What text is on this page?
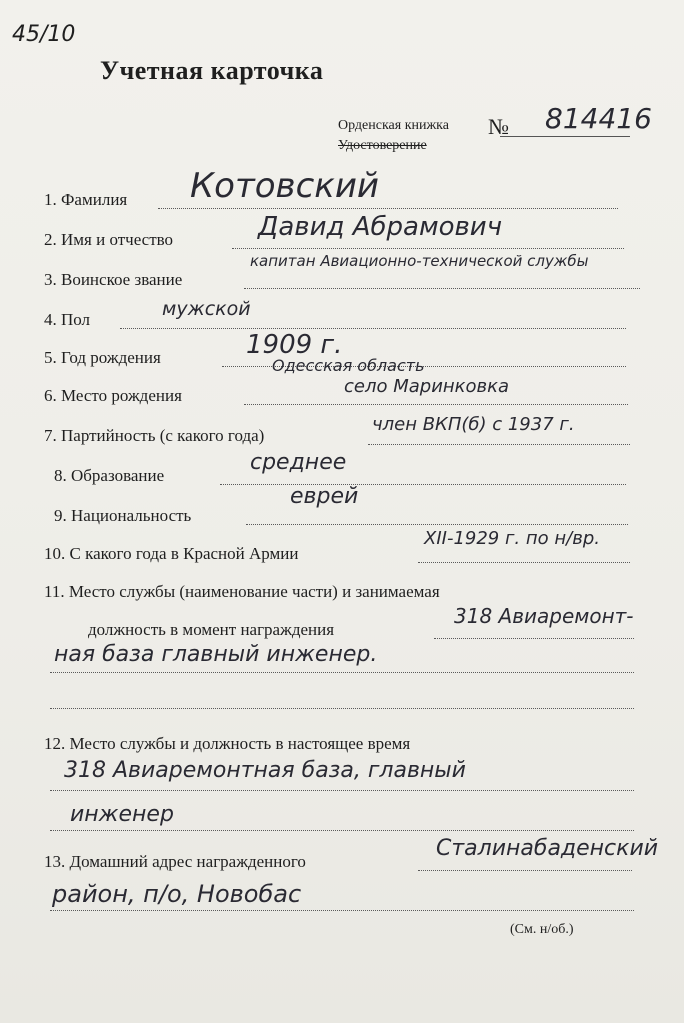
45/10
Учетная карточка
Орденская книжка
Удостоверение
№ 814416
1. Фамилия Котовский
2. Имя и отчество	Давид Абрамович
3. Воинское звание
капитан Авиационно-технической службы
4. Пол	мужской
5. Год рождения	1909 г.
6. Место рождения
Одесская область
село Маринковка
7. Партийность (с какого года)
член ВКП(б) с 1937 г.
8. Образование
среднее
9. Национальность
еврей
10. С какого года в Красной Армии
XII-1929 г. по н/вр.
11. Место службы (наименование части) и занимаемая
должность в момент награждения
318 Авиаремонт-
ная база главный инженер.
12. Место службы и должность в настоящее время
318 Авиаремонтная база, главный
инженер
13. Домашний адрес награжденного
Сталинабаденский
район, п/о, Новобас
(См. н/об.)
